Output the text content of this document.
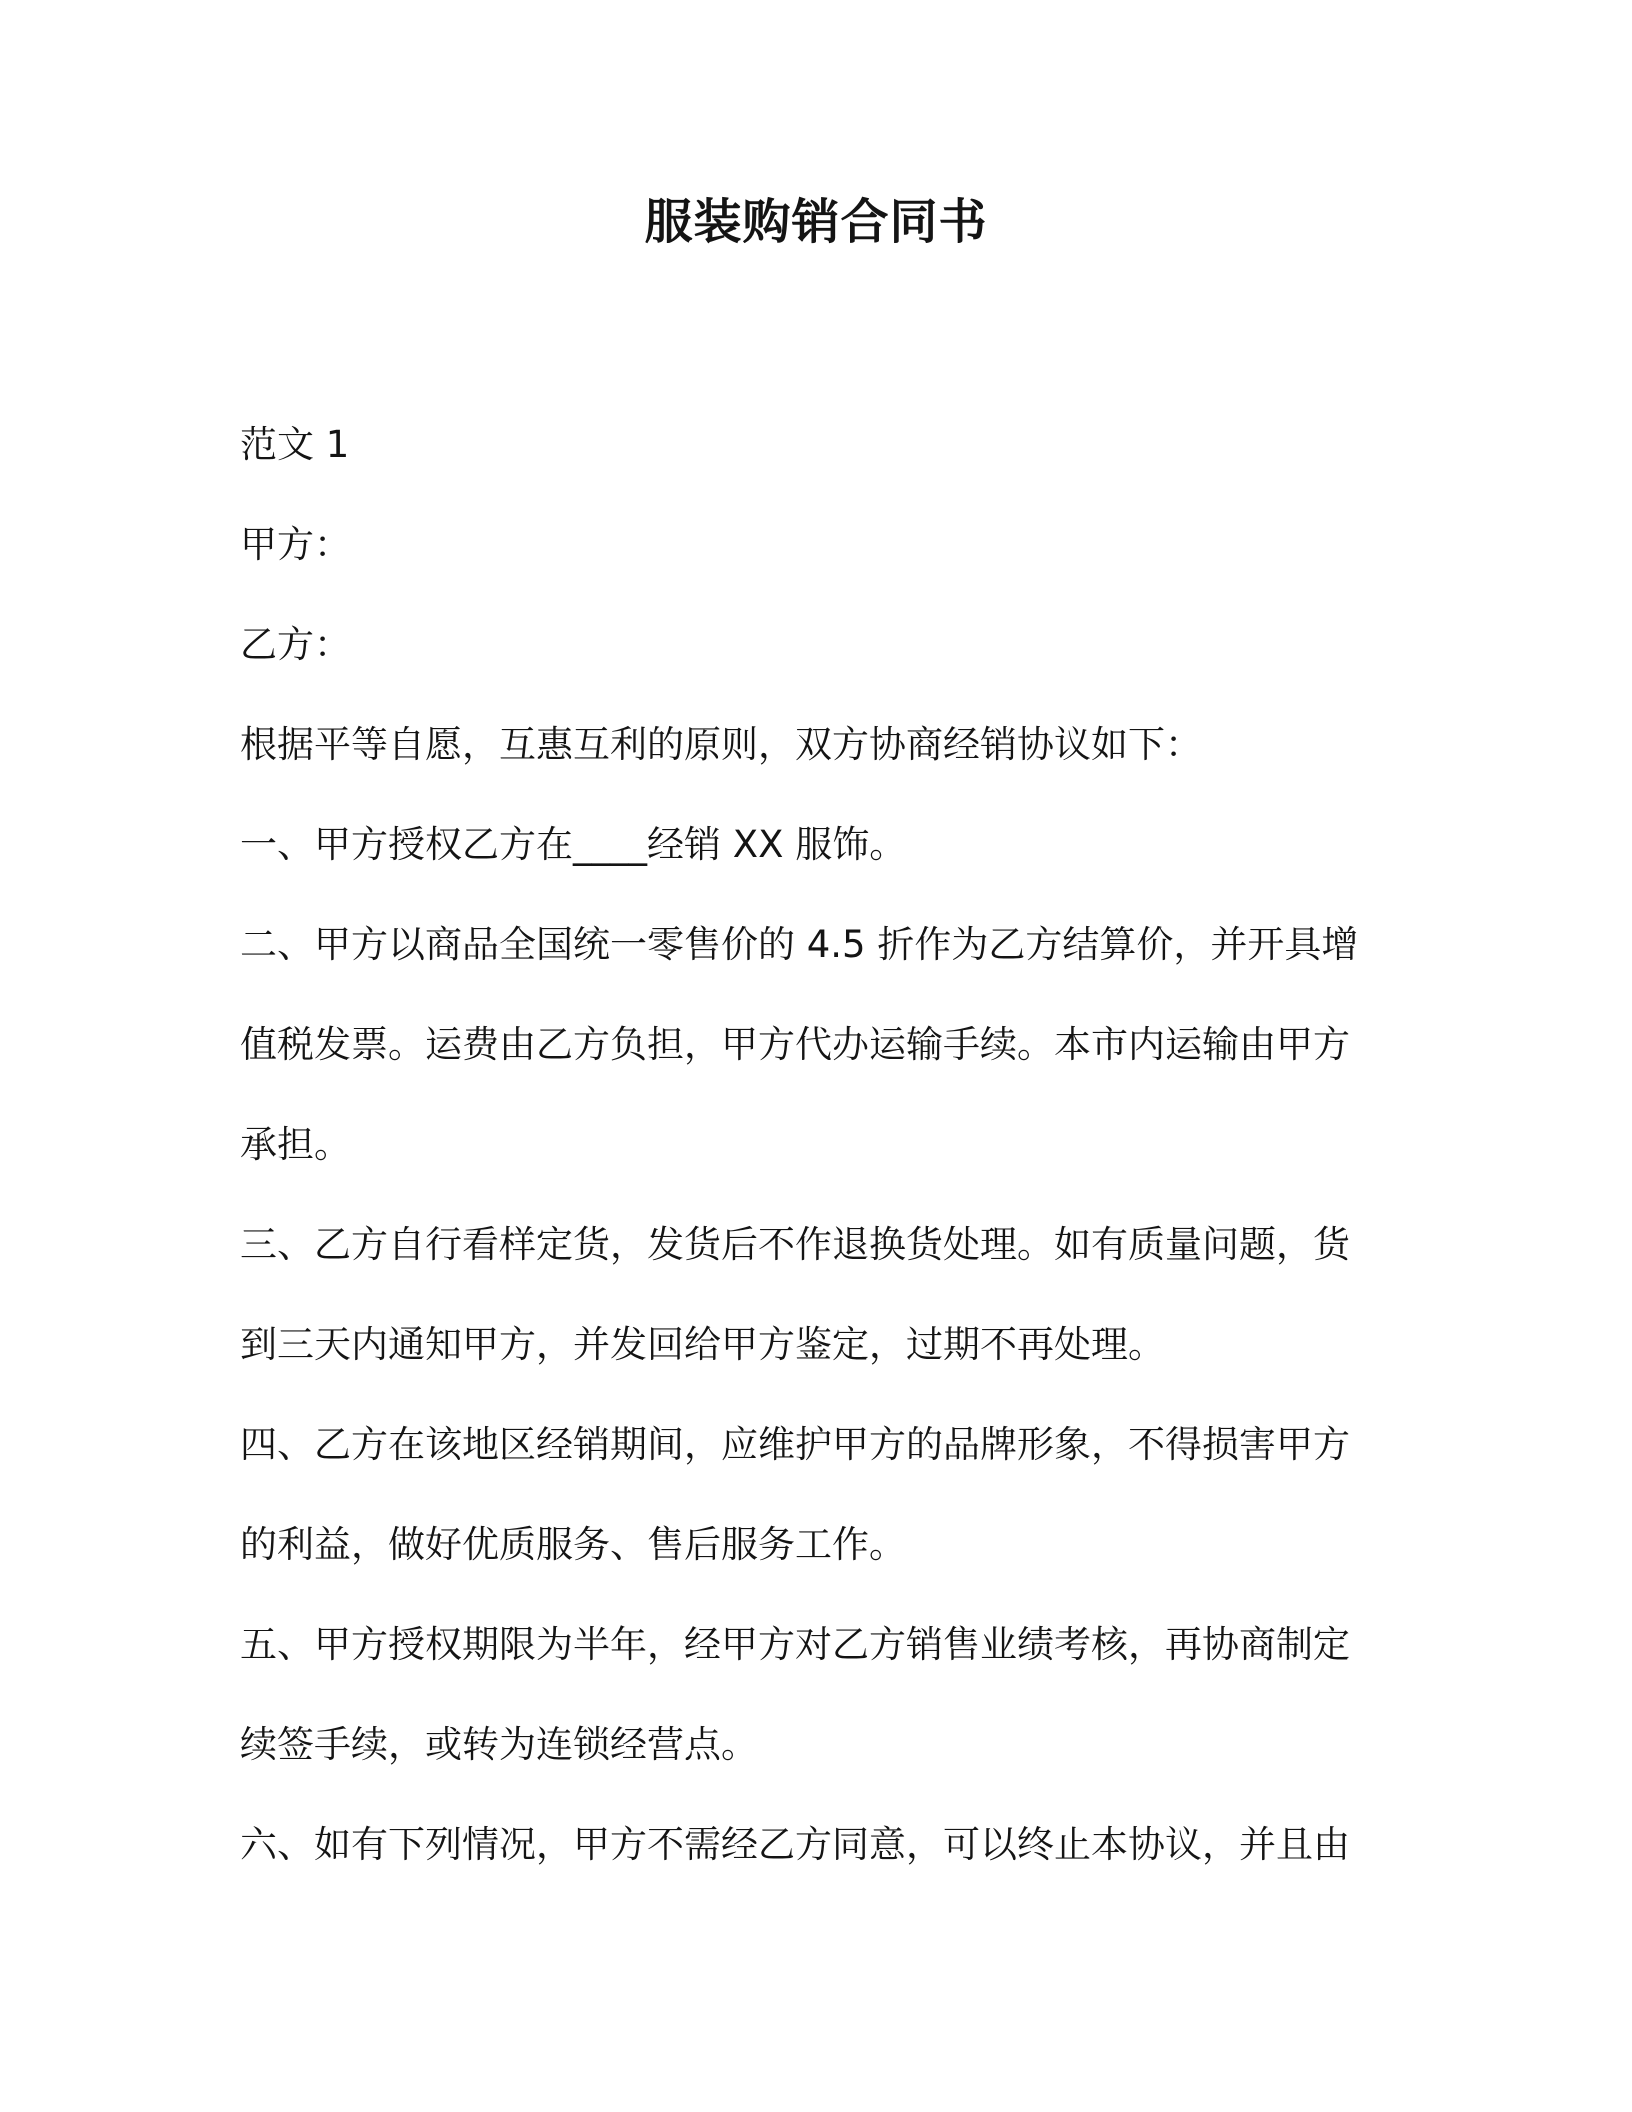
服装购销合同书

范文 1

甲方：

乙方：

根据平等自愿，互惠互利的原则，双方协商经销协议如下：

一、甲方授权乙方在____经销 XX 服饰。

二、甲方以商品全国统一零售价的 4.5 折作为乙方结算价，并开具增

值税发票。运费由乙方负担，甲方代办运输手续。本市内运输由甲方

承担。

三、乙方自行看样定货，发货后不作退换货处理。如有质量问题，货

到三天内通知甲方，并发回给甲方鉴定，过期不再处理。

四、乙方在该地区经销期间，应维护甲方的品牌形象，不得损害甲方

的利益，做好优质服务、售后服务工作。

五、甲方授权期限为半年，经甲方对乙方销售业绩考核，再协商制定

续签手续，或转为连锁经营点。

六、如有下列情况，甲方不需经乙方同意，可以终止本协议，并且由
